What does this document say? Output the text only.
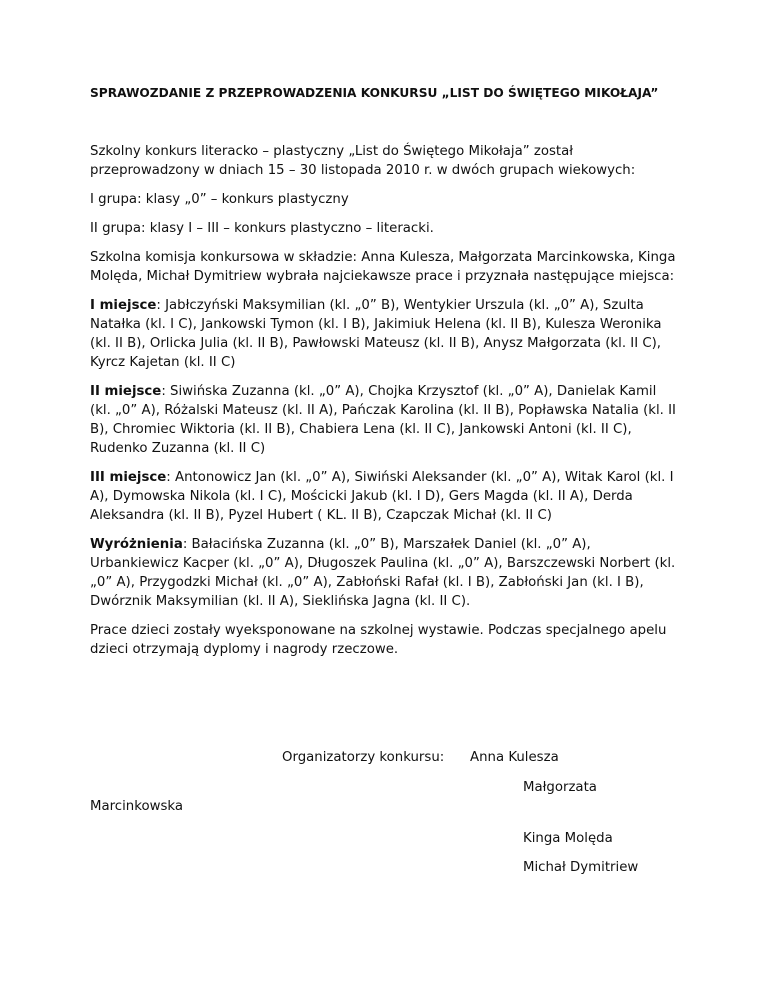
SPRAWOZDANIE Z PRZEPROWADZENIA KONKURSU „LIST DO ŚWIĘTEGO MIKOŁAJA”

Szkolny konkurs literacko – plastyczny „List do Świętego Mikołaja” został przeprowadzony w dniach 15 – 30 listopada 2010 r. w dwóch grupach wiekowych:

I grupa: klasy „0” – konkurs plastyczny

II grupa: klasy I – III – konkurs plastyczno – literacki.

Szkolna komisja konkursowa w składzie: Anna Kulesza, Małgorzata Marcinkowska, Kinga Molęda, Michał Dymitriew wybrała najciekawsze prace i przyznała następujące miejsca:

I miejsce: Jabłczyński Maksymilian (kl. „0” B), Wentykier Urszula (kl. „0” A), Szulta Natałka (kl. I C), Jankowski Tymon (kl. I B), Jakimiuk Helena (kl. II B), Kulesza Weronika (kl. II B), Orlicka Julia (kl. II B), Pawłowski Mateusz (kl. II B), Anysz Małgorzata (kl. II C), Kyrcz Kajetan (kl. II C)

II miejsce: Siwińska Zuzanna (kl. „0” A), Chojka Krzysztof (kl. „0” A), Danielak Kamil (kl. „0” A), Różalski Mateusz (kl. II A), Pańczak Karolina (kl. II B), Popławska Natalia (kl. II B), Chromiec Wiktoria (kl. II B), Chabiera Lena (kl. II C), Jankowski Antoni (kl. II C), Rudenko Zuzanna (kl. II C)

III miejsce: Antonowicz Jan (kl. „0” A), Siwiński Aleksander (kl. „0” A), Witak Karol (kl. I A), Dymowska Nikola (kl. I C), Mościcki Jakub (kl. I D), Gers Magda (kl. II A), Derda Aleksandra (kl. II B), Pyzel Hubert ( KL. II B), Czapczak Michał (kl. II C)

Wyróżnienia: Bałacińska Zuzanna (kl. „0” B), Marszałek Daniel (kl. „0” A), Urbankiewicz Kacper (kl. „0” A), Długoszek Paulina (kl. „0” A), Barszczewski Norbert (kl. „0” A), Przygodzki Michał (kl. „0” A), Zabłoński Rafał (kl. I B), Zabłoński Jan (kl. I B), Dwórznik Maksymilian (kl. II A), Sieklińska Jagna (kl. II C).

Prace dzieci zostały wyeksponowane na szkolnej wystawie. Podczas specjalnego apelu dzieci otrzymają dyplomy i nagrody rzeczowe.

Organizatorzy konkursu: Anna Kulesza
Małgorzata
Marcinkowska
Kinga Molęda
Michał Dymitriew
